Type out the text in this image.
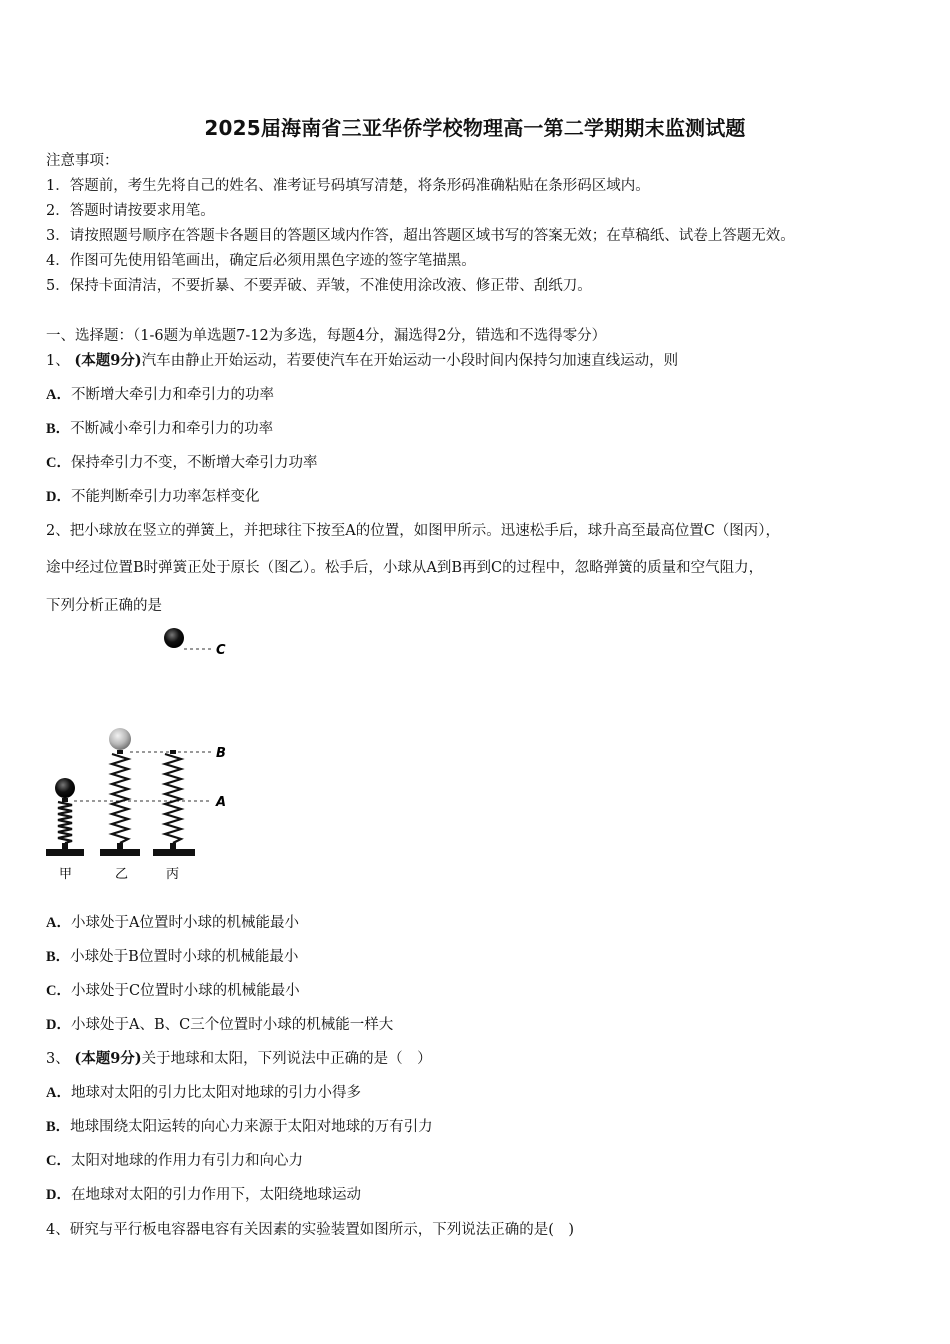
2025届海南省三亚华侨学校物理高一第二学期期末监测试题
注意事项：
1．答题前，考生先将自己的姓名、准考证号码填写清楚，将条形码准确粘贴在条形码区域内。
2．答题时请按要求用笔。
3．请按照题号顺序在答题卡各题目的答题区域内作答，超出答题区域书写的答案无效；在草稿纸、试卷上答题无效。
4．作图可先使用铅笔画出，确定后必须用黑色字迹的签字笔描黑。
5．保持卡面清洁，不要折暴、不要弄破、弄皱，不准使用涂改液、修正带、刮纸刀。
一、选择题：（1-6题为单选题7-12为多选，每题4分，漏选得2分，错选和不选得零分）
1、 (本题9分)汽车由静止开始运动，若要使汽车在开始运动一小段时间内保持匀加速直线运动，则
A．不断增大牵引力和牵引力的功率
B．不断减小牵引力和牵引力的功率
C．保持牵引力不变，不断增大牵引力功率
D．不能判断牵引力功率怎样变化
2、把小球放在竖立的弹簧上，并把球往下按至A的位置，如图甲所示。迅速松手后，球升高至最高位置C（图丙），
途中经过位置B时弹簧正处于原长（图乙）。松手后，小球从A到B再到C的过程中，忽略弹簧的质量和空气阻力，
下列分析正确的是
C
B
A
甲	乙	丙
A．小球处于A位置时小球的机械能最小
B．小球处于B位置时小球的机械能最小
C．小球处于C位置时小球的机械能最小
D．小球处于A、B、C三个位置时小球的机械能一样大
3、 (本题9分)关于地球和太阳，下列说法中正确的是（　）
A．地球对太阳的引力比太阳对地球的引力小得多
B．地球围绕太阳运转的向心力来源于太阳对地球的万有引力
C．太阳对地球的作用力有引力和向心力
D．在地球对太阳的引力作用下，太阳绕地球运动
4、研究与平行板电容器电容有关因素的实验装置如图所示，下列说法正确的是(　)
